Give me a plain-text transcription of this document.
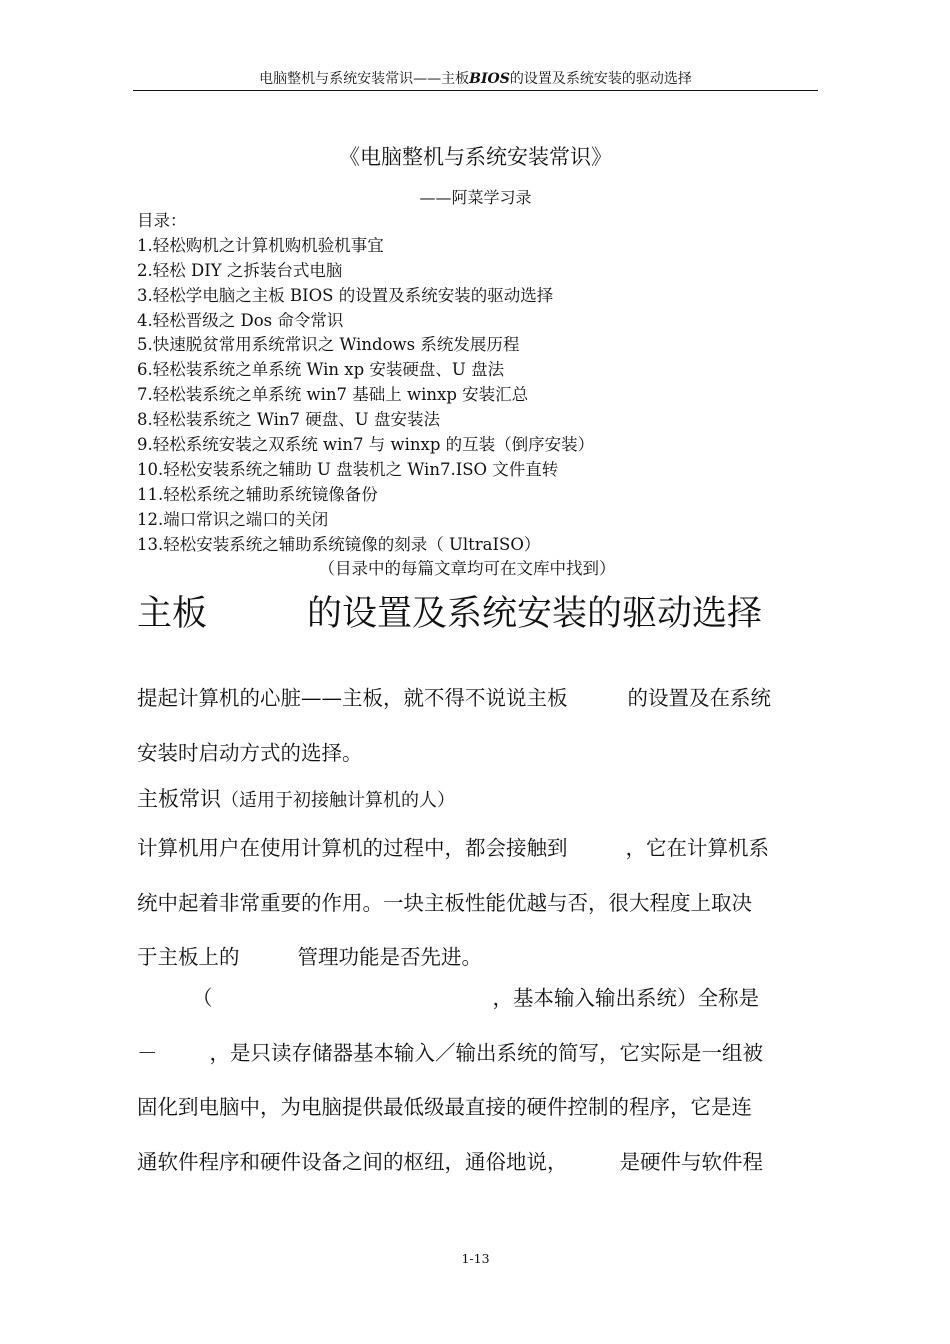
电脑整机与系统安装常识——主板BIOS的设置及系统安装的驱动选择
《电脑整机与系统安装常识》
——阿菜学习录
目录：
1.轻松购机之计算机购机验机事宜
2.轻松 DIY 之拆装台式电脑
3.轻松学电脑之主板 BIOS 的设置及系统安装的驱动选择
4.轻松晋级之 Dos 命令常识
5.快速脱贫常用系统常识之 Windows 系统发展历程
6.轻松装系统之单系统 Win xp 安装硬盘、U 盘法
7.轻松装系统之单系统 win7 基础上 winxp 安装汇总
8.轻松装系统之 Win7 硬盘、U 盘安装法
9.轻松系统安装之双系统 win7 与 winxp 的互装（倒序安装）
10.轻松安装系统之辅助 U 盘装机之 Win7.ISO 文件直转
11.轻松系统之辅助系统镜像备份
12.端口常识之端口的关闭
13.轻松安装系统之辅助系统镜像的刻录（ UltraISO）
（目录中的每篇文章均可在文库中找到）
主板	的设置及系统安装的驱动选择
提起计算机的心脏——主板，就不得不说说主板	的设置及在系统
安装时启动方式的选择。
主板常识（适用于初接触计算机的人）
计算机用户在使用计算机的过程中，都会接触到	，它在计算机系
统中起着非常重要的作用。一块主板性能优越与否，很大程度上取决
于主板上的	管理功能是否先进。
（	，基本输入输出系统）全称是
－	，是只读存储器基本输入／输出系统的简写，它实际是一组被
固化到电脑中，为电脑提供最低级最直接的硬件控制的程序，它是连
通软件程序和硬件设备之间的枢纽，通俗地说，	是硬件与软件程
1-13
